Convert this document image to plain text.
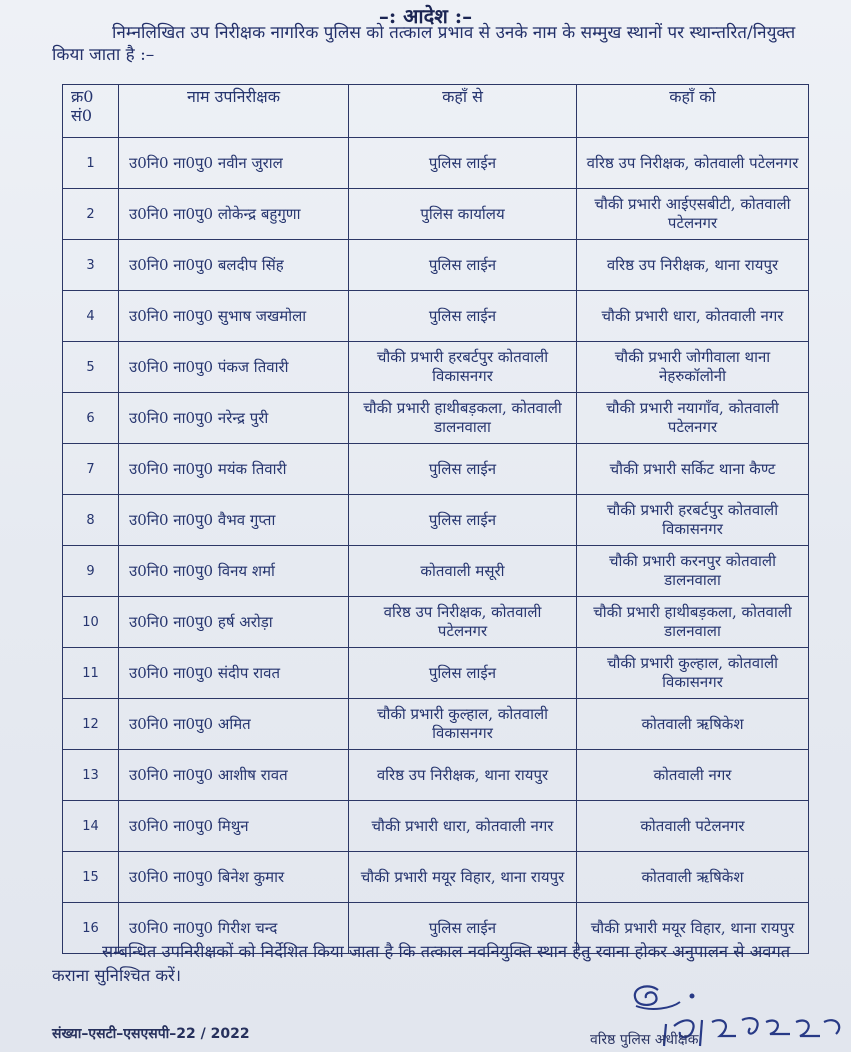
–: आदेश :–
निम्नलिखित उप निरीक्षक नागरिक पुलिस को तत्काल प्रभाव से उनके नाम के सम्मुख स्थानों पर स्थान्तरित/नियुक्त किया जाता है :–
क्र0 सं0	नाम उपनिरीक्षक	कहाँ से	कहाँ को
1	उ0नि0 ना0पु0 नवीन जुराल	पुलिस लाईन	वरिष्ठ उप निरीक्षक, कोतवाली पटेलनगर
2	उ0नि0 ना0पु0 लोकेन्द्र बहुगुणा	पुलिस कार्यालय	चौकी प्रभारी आईएसबीटी, कोतवाली पटेलनगर
3	उ0नि0 ना0पु0 बलदीप सिंह	पुलिस लाईन	वरिष्ठ उप निरीक्षक, थाना रायपुर
4	उ0नि0 ना0पु0 सुभाष जखमोला	पुलिस लाईन	चौकी प्रभारी धारा, कोतवाली नगर
5	उ0नि0 ना0पु0 पंकज तिवारी	चौकी प्रभारी हरबर्टपुर कोतवाली विकासनगर	चौकी प्रभारी जोगीवाला थाना नेहरुकॉलोनी
6	उ0नि0 ना0पु0 नरेन्द्र पुरी	चौकी प्रभारी हाथीबड़कला, कोतवाली डालनवाला	चौकी प्रभारी नयागाँव, कोतवाली पटेलनगर
7	उ0नि0 ना0पु0 मयंक तिवारी	पुलिस लाईन	चौकी प्रभारी सर्किट थाना कैण्ट
8	उ0नि0 ना0पु0 वैभव गुप्ता	पुलिस लाईन	चौकी प्रभारी हरबर्टपुर कोतवाली विकासनगर
9	उ0नि0 ना0पु0 विनय शर्मा	कोतवाली मसूरी	चौकी प्रभारी करनपुर कोतवाली डालनवाला
10	उ0नि0 ना0पु0 हर्ष अरोड़ा	वरिष्ठ उप निरीक्षक, कोतवाली पटेलनगर	चौकी प्रभारी हाथीबड़कला, कोतवाली डालनवाला
11	उ0नि0 ना0पु0 संदीप रावत	पुलिस लाईन	चौकी प्रभारी कुल्हाल, कोतवाली विकासनगर
12	उ0नि0 ना0पु0 अमित	चौकी प्रभारी कुल्हाल, कोतवाली विकासनगर	कोतवाली ऋषिकेश
13	उ0नि0 ना0पु0 आशीष रावत	वरिष्ठ उप निरीक्षक, थाना रायपुर	कोतवाली नगर
14	उ0नि0 ना0पु0 मिथुन	चौकी प्रभारी धारा, कोतवाली नगर	कोतवाली पटेलनगर
15	उ0नि0 ना0पु0 बिनेश कुमार	चौकी प्रभारी मयूर विहार, थाना रायपुर	कोतवाली ऋषिकेश
16	उ0नि0 ना0पु0 गिरीश चन्द	पुलिस लाईन	चौकी प्रभारी मयूर विहार, थाना रायपुर
सम्बन्धित उपनिरीक्षकों को निर्देशित किया जाता है कि तत्काल नवनियुक्ति स्थान हेतु रवाना होकर अनुपालन से अवगत कराना सुनिश्चित करें।
संख्या–एसटी–एसएसपी–22 / 2022	वरिष्ठ पुलिस अधीक्षक
